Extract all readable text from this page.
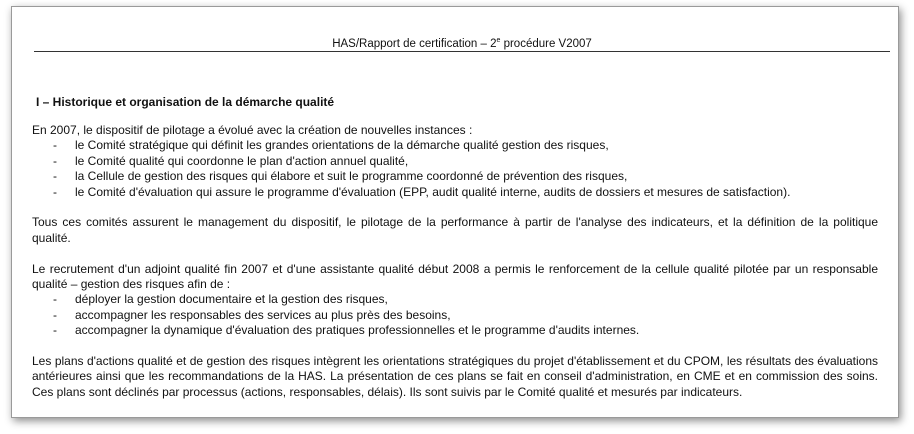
HAS/Rapport de certification – 2e procédure V2007
I – Historique et organisation de la démarche qualité

En 2007, le dispositif de pilotage a évolué avec la création de nouvelles instances :

- le Comité stratégique qui définit les grandes orientations de la démarche qualité gestion des risques,
- le Comité qualité qui coordonne le plan d'action annuel qualité,
- la Cellule de gestion des risques qui élabore et suit le programme coordonné de prévention des risques,
- le Comité d'évaluation qui assure le programme d'évaluation (EPP, audit qualité interne, audits de dossiers et mesures de satisfaction).

Tous ces comités assurent le management du dispositif, le pilotage de la performance à partir de l'analyse des indicateurs, et la définition de la politique qualité.

Le recrutement d'un adjoint qualité fin 2007 et d'une assistante qualité début 2008 a permis le renforcement de la cellule qualité pilotée par un responsable qualité – gestion des risques afin de :

- déployer la gestion documentaire et la gestion des risques,
- accompagner les responsables des services au plus près des besoins,
- accompagner la dynamique d'évaluation des pratiques professionnelles et le programme d'audits internes.

Les plans d'actions qualité et de gestion des risques intègrent les orientations stratégiques du projet d'établissement et du CPOM, les résultats des évaluations antérieures ainsi que les recommandations de la HAS. La présentation de ces plans se fait en conseil d'administration, en CME et en commission des soins. Ces plans sont déclinés par processus (actions, responsables, délais). Ils sont suivis par le Comité qualité et mesurés par indicateurs.
